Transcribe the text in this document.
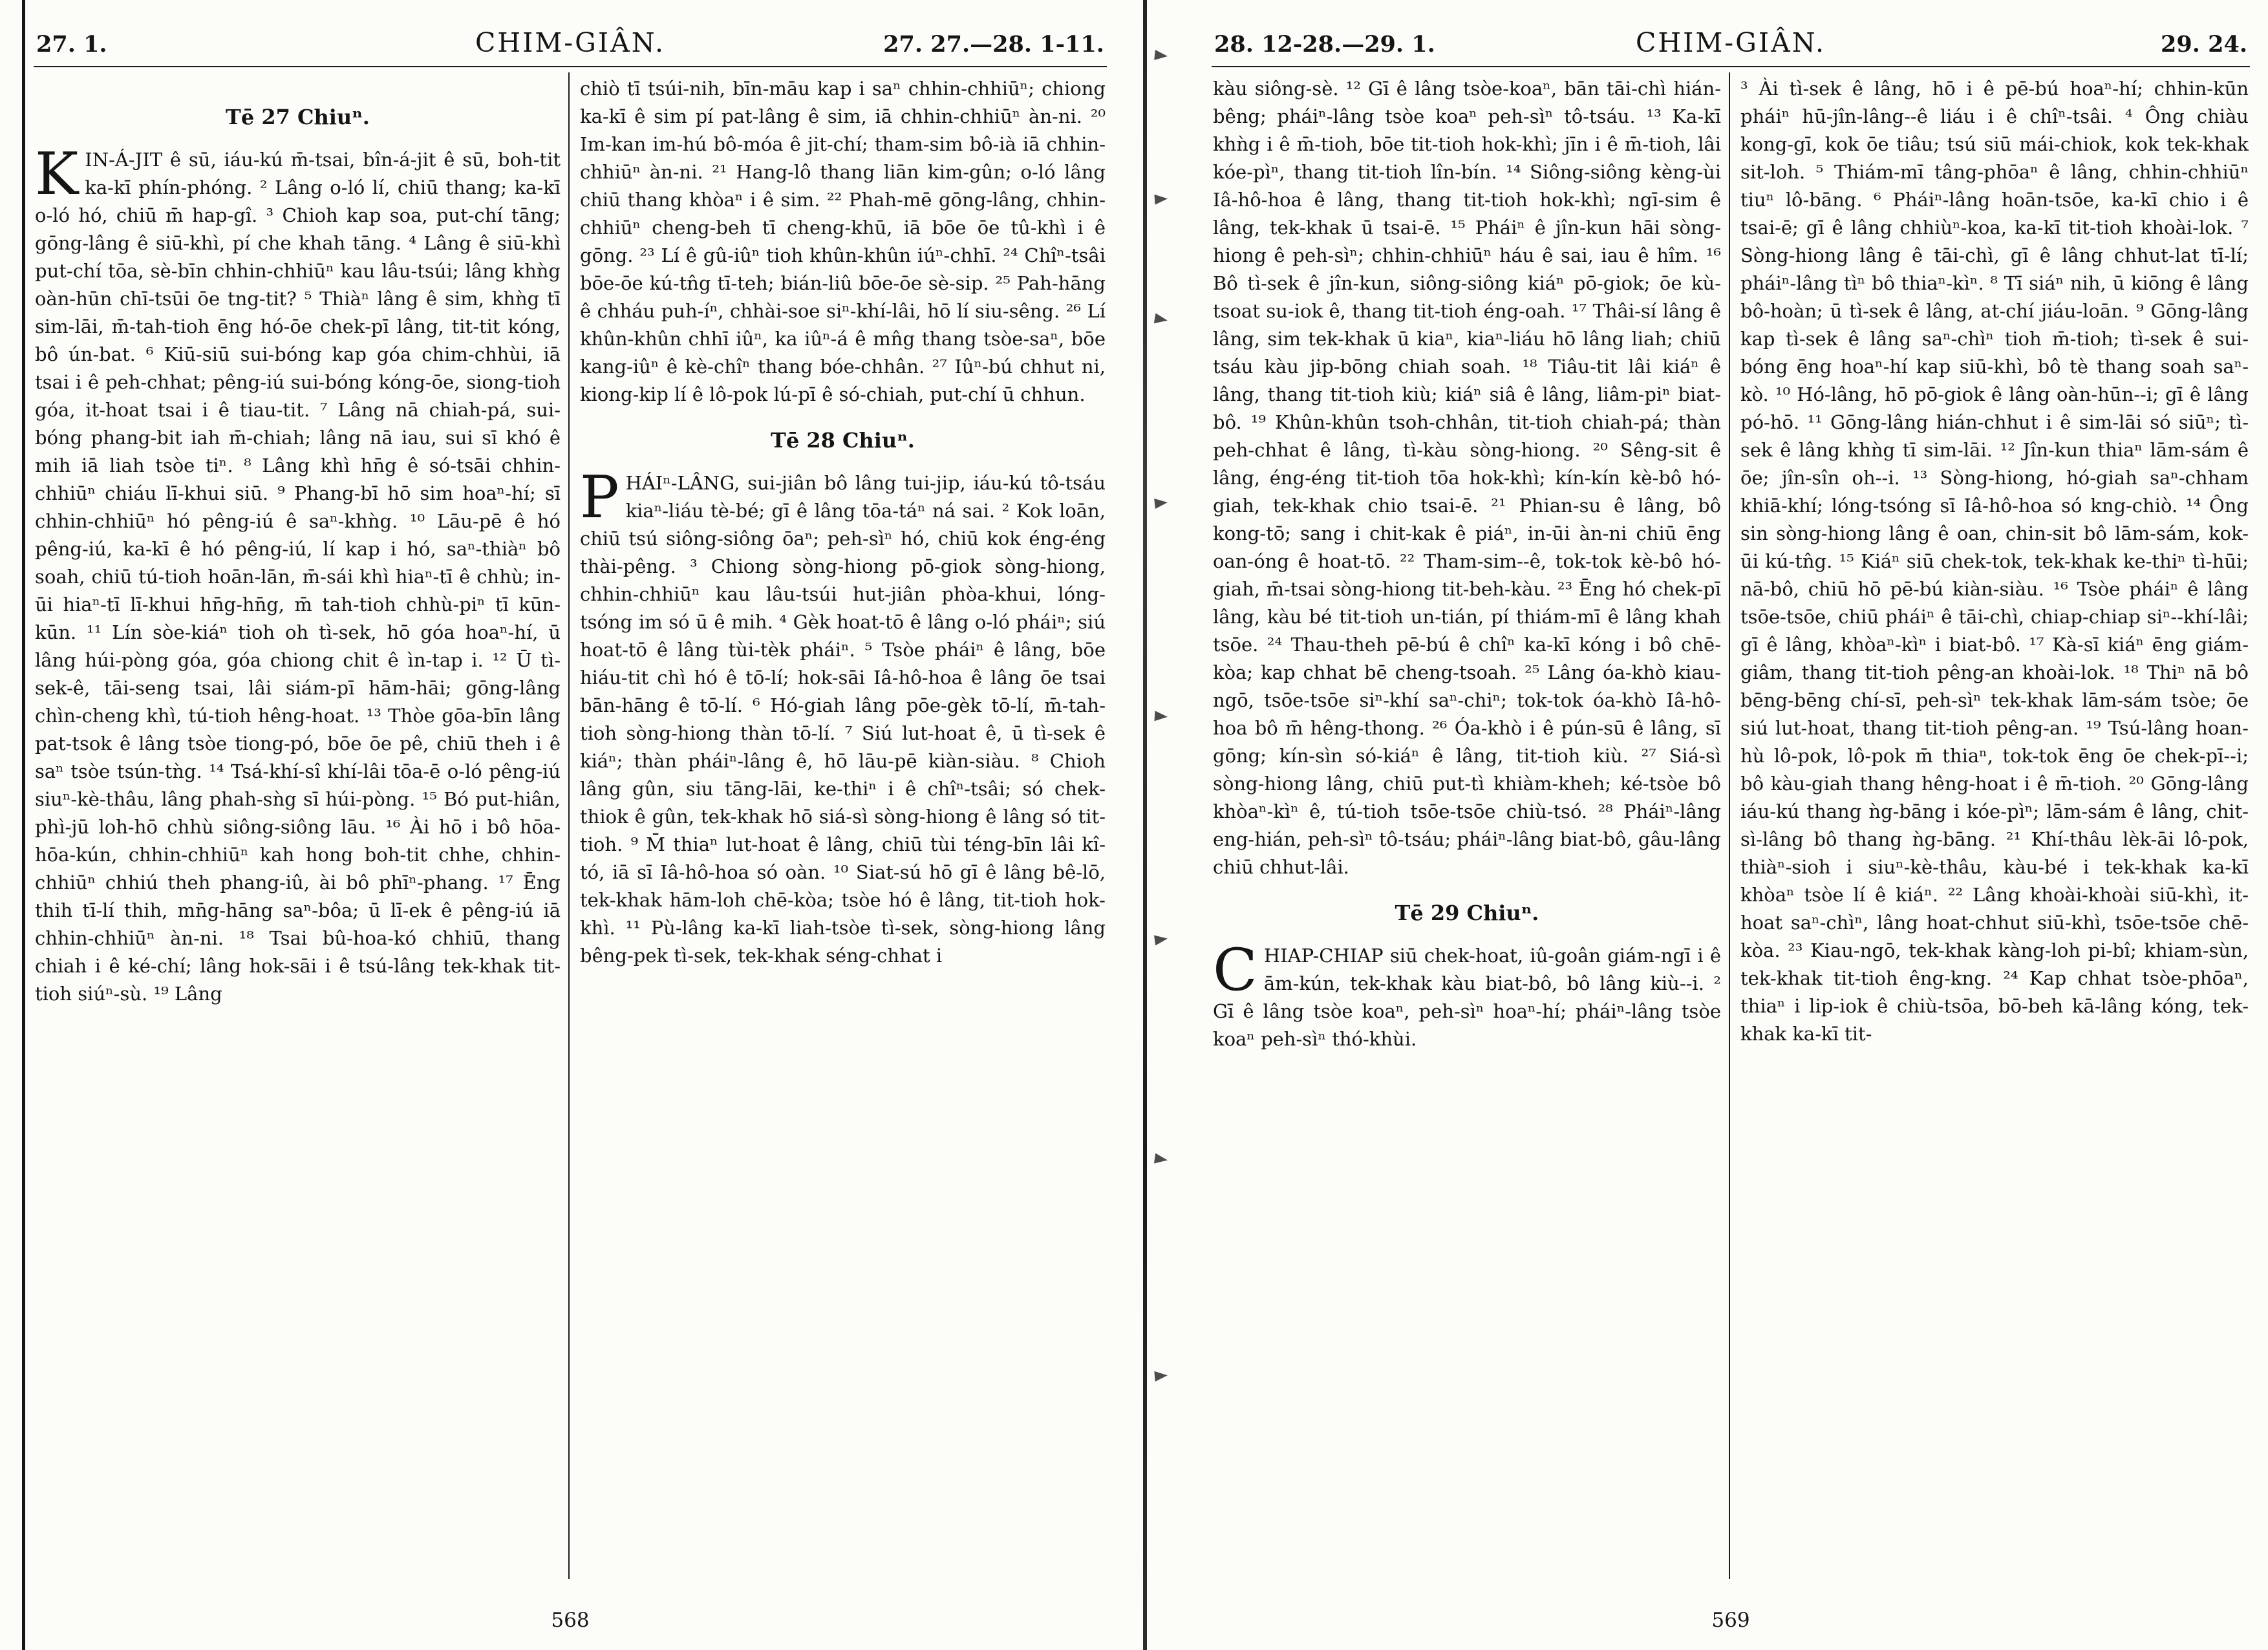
27. 1.	CHIM-GIÂN.	27. 27.—28. 1-11.
Tē 27 Chiuⁿ.

K IN-Á-JIT ê sū, iáu-kú m̄-tsai, bîn-á-jit ê sū, boh-tit ka-kī phín-phóng. ² Lâng o-ló lí, chiū thang; ka-kī o-ló hó, chiū m̄ hap-gî. ³ Chioh kap soa, put-chí tāng; gōng-lâng ê siū-khì, pí che khah tāng. ⁴ Lâng ê siū-khì put-chí tōa, sè-bīn chhin-chhiūⁿ kau lâu-tsúi; lâng khǹg oàn-hūn chī-tsūi ōe tng-tit? ⁵ Thiàⁿ lâng ê sim, khǹg tī sim-lāi, m̄-tah-tioh ēng hó-ōe chek-pī lâng, tit-tit kóng, bô ún-bat. ⁶ Kiū-siū sui-bóng kap góa chim-chhùi, iā tsai i ê peh-chhat; pêng-iú sui-bóng kóng-ōe, siong-tioh góa, it-hoat tsai i ê tiau-tit. ⁷ Lâng nā chiah-pá, sui-bóng phang-bit iah m̄-chiah; lâng nā iau, sui sī khó ê mih iā liah tsòe tiⁿ. ⁸ Lâng khì hn̄g ê só-tsāi chhin-chhiūⁿ chiáu lī-khui siū. ⁹ Phang-bī hō sim hoaⁿ-hí; sī chhin-chhiūⁿ hó pêng-iú ê saⁿ-khǹg. ¹⁰ Lāu-pē ê hó pêng-iú, ka-kī ê hó pêng-iú, lí kap i hó, saⁿ-thiàⁿ bô soah, chiū tú-tioh hoān-lān, m̄-sái khì hiaⁿ-tī ê chhù; in-ūi hiaⁿ-tī lī-khui hn̄g-hn̄g, m̄ tah-tioh chhù-piⁿ tī kūn-kūn. ¹¹ Lín sòe-kiáⁿ tioh oh tì-sek, hō góa hoaⁿ-hí, ū lâng húi-pòng góa, góa chiong chit ê ìn-tap i. ¹² Ū tì-sek-ê, tāi-seng tsai, lâi siám-pī hām-hāi; gōng-lâng chìn-cheng khì, tú-tioh hêng-hoat. ¹³ Thòe gōa-bīn lâng pat-tsok ê lâng tsòe tiong-pó, bōe ōe pê, chiū theh i ê saⁿ tsòe tsún-tǹg. ¹⁴ Tsá-khí-sî khí-lâi tōa-ē o-ló pêng-iú siuⁿ-kè-thâu, lâng phah-sǹg sī húi-pòng. ¹⁵ Bó put-hiân, phì-jū loh-hō chhù siông-siông lāu. ¹⁶ Ài hō i bô hōa-hōa-kún, chhin-chhiūⁿ kah hong boh-tit chhe, chhin-chhiūⁿ chhiú theh phang-iû, ài bô phīⁿ-phang. ¹⁷ Ēng thih tī-lí thih, mn̄g-hāng saⁿ-bôa; ū lī-ek ê pêng-iú iā chhin-chhiūⁿ àn-ni. ¹⁸ Tsai bû-hoa-kó chhiū, thang chiah i ê ké-chí; lâng hok-sāi i ê tsú-lâng tek-khak tit-tioh siúⁿ-sù. ¹⁹ Lâng

chiò tī tsúi-nih, bīn-māu kap i saⁿ chhin-chhiūⁿ; chiong ka-kī ê sim pí pat-lâng ê sim, iā chhin-chhiūⁿ àn-ni. ²⁰ Im-kan im-hú bô-móa ê jit-chí; tham-sim bô-ià iā chhin-chhiūⁿ àn-ni. ²¹ Hang-lô thang liān kim-gûn; o-ló lâng chiū thang khòaⁿ i ê sim. ²² Phah-mē gōng-lâng, chhin-chhiūⁿ cheng-beh tī cheng-khū, iā bōe ōe tû-khì i ê gōng. ²³ Lí ê gû-iûⁿ tioh khûn-khûn iúⁿ-chhī. ²⁴ Chîⁿ-tsâi bōe-ōe kú-tn̂g tī-teh; bián-liû bōe-ōe sè-sip. ²⁵ Pah-hāng ê chháu puh-íⁿ, chhài-soe siⁿ-khí-lâi, hō lí siu-sêng. ²⁶ Lí khûn-khûn chhī iûⁿ, ka iûⁿ-á ê mn̂g thang tsòe-saⁿ, bōe kang-iûⁿ ê kè-chîⁿ thang bóe-chhân. ²⁷ Iûⁿ-bú chhut ni, kiong-kip lí ê lô-pok lú-pī ê só-chiah, put-chí ū chhun.

Tē 28 Chiuⁿ.

P HÁIⁿ-LÂNG, sui-jiân bô lâng tui-jip, iáu-kú tô-tsáu kiaⁿ-liáu tè-bé; gī ê lâng tōa-táⁿ ná sai. ² Kok loān, chiū tsú siông-siông ōaⁿ; peh-sìⁿ hó, chiū kok éng-éng thài-pêng. ³ Chiong sòng-hiong pō-giok sòng-hiong, chhin-chhiūⁿ kau lâu-tsúi hut-jiân phòa-khui, lóng-tsóng im só ū ê mih. ⁴ Gèk hoat-tō ê lâng o-ló pháiⁿ; siú hoat-tō ê lâng tùi-tèk pháiⁿ. ⁵ Tsòe pháiⁿ ê lâng, bōe hiáu-tit chì hó ê tō-lí; hok-sāi Iâ-hô-hoa ê lâng ōe tsai bān-hāng ê tō-lí. ⁶ Hó-giah lâng pōe-gèk tō-lí, m̄-tah-tioh sòng-hiong thàn tō-lí. ⁷ Siú lut-hoat ê, ū tì-sek ê kiáⁿ; thàn pháiⁿ-lâng ê, hō lāu-pē kiàn-siàu. ⁸ Chioh lâng gûn, siu tāng-lāi, ke-thiⁿ i ê chîⁿ-tsâi; só chek-thiok ê gûn, tek-khak hō siá-sì sòng-hiong ê lâng só tit-tioh. ⁹ M̄ thiaⁿ lut-hoat ê lâng, chiū tùi téng-bīn lâi kî-tó, iā sī Iâ-hô-hoa só oàn. ¹⁰ Siat-sú hō gī ê lâng bê-lō, tek-khak hām-loh chē-kòa; tsòe hó ê lâng, tit-tioh hok-khì. ¹¹ Pù-lâng ka-kī liah-tsòe tì-sek, sòng-hiong lâng bêng-pek tì-sek, tek-khak séng-chhat i

568
28. 12-28.—29. 1.	CHIM-GIÂN.	29. 24.

kàu siông-sè. ¹² Gī ê lâng tsòe-koaⁿ, bān tāi-chì hián-bêng; pháiⁿ-lâng tsòe koaⁿ peh-sìⁿ tô-tsáu. ¹³ Ka-kī khǹg i ê m̄-tioh, bōe tit-tioh hok-khì; jīn i ê m̄-tioh, lâi kóe-pìⁿ, thang tit-tioh lîn-bín. ¹⁴ Siông-siông kèng-ùi Iâ-hô-hoa ê lâng, thang tit-tioh hok-khì; ngī-sim ê lâng, tek-khak ū tsai-ē. ¹⁵ Pháiⁿ ê jîn-kun hāi sòng-hiong ê peh-sìⁿ; chhin-chhiūⁿ háu ê sai, iau ê hîm. ¹⁶ Bô tì-sek ê jîn-kun, siông-siông kiáⁿ pō-giok; ōe kù-tsoat su-iok ê, thang tit-tioh éng-oah. ¹⁷ Thâi-sí lâng ê lâng, sim tek-khak ū kiaⁿ, kiaⁿ-liáu hō lâng liah; chiū tsáu kàu jip-bōng chiah soah. ¹⁸ Tiâu-tit lâi kiáⁿ ê lâng, thang tit-tioh kiù; kiáⁿ siâ ê lâng, liâm-piⁿ biat-bô. ¹⁹ Khûn-khûn tsoh-chhân, tit-tioh chiah-pá; thàn peh-chhat ê lâng, tì-kàu sòng-hiong. ²⁰ Sêng-sit ê lâng, éng-éng tit-tioh tōa hok-khì; kín-kín kè-bô hó-giah, tek-khak chio tsai-ē. ²¹ Phian-su ê lâng, bô kong-tō; sang i chit-kak ê piáⁿ, in-ūi àn-ni chiū ēng oan-óng ê hoat-tō. ²² Tham-sim--ê, tok-tok kè-bô hó-giah, m̄-tsai sòng-hiong tit-beh-kàu. ²³ Ēng hó chek-pī lâng, kàu bé tit-tioh un-tián, pí thiám-mī ê lâng khah tsōe. ²⁴ Thau-theh pē-bú ê chîⁿ ka-kī kóng i bô chē-kòa; kap chhat bē cheng-tsoah. ²⁵ Lâng óa-khò kiau-ngō, tsōe-tsōe siⁿ-khí saⁿ-chiⁿ; tok-tok óa-khò Iâ-hô-hoa bô m̄ hêng-thong. ²⁶ Óa-khò i ê pún-sū ê lâng, sī gōng; kín-sìn só-kiáⁿ ê lâng, tit-tioh kiù. ²⁷ Siá-sì sòng-hiong lâng, chiū put-tì khiàm-kheh; ké-tsòe bô khòaⁿ-kìⁿ ê, tú-tioh tsōe-tsōe chiù-tsó. ²⁸ Pháiⁿ-lâng eng-hián, peh-sìⁿ tô-tsáu; pháiⁿ-lâng biat-bô, gâu-lâng chiū chhut-lâi.

Tē 29 Chiuⁿ.

C HIAP-CHIAP siū chek-hoat, iû-goân giám-ngī i ê ām-kún, tek-khak kàu biat-bô, bô lâng kiù--i. ² Gī ê lâng tsòe koaⁿ, peh-sìⁿ hoaⁿ-hí; pháiⁿ-lâng tsòe koaⁿ peh-sìⁿ thó-khùi.

³ Ài tì-sek ê lâng, hō i ê pē-bú hoaⁿ-hí; chhin-kūn pháiⁿ hū-jîn-lâng--ê liáu i ê chîⁿ-tsâi. ⁴ Ông chiàu kong-gī, kok ōe tiâu; tsú siū mái-chiok, kok tek-khak sit-loh. ⁵ Thiám-mī tâng-phōaⁿ ê lâng, chhin-chhiūⁿ tiuⁿ lô-bāng. ⁶ Pháiⁿ-lâng hoān-tsōe, ka-kī chio i ê tsai-ē; gī ê lâng chhiùⁿ-koa, ka-kī tit-tioh khoài-lok. ⁷ Sòng-hiong lâng ê tāi-chì, gī ê lâng chhut-lat tī-lí; pháiⁿ-lâng tìⁿ bô thiaⁿ-kìⁿ. ⁸ Tī siáⁿ nih, ū kiōng ê lâng bô-hoàn; ū tì-sek ê lâng, at-chí jiáu-loān. ⁹ Gōng-lâng kap tì-sek ê lâng saⁿ-chìⁿ tioh m̄-tioh; tì-sek ê sui-bóng ēng hoaⁿ-hí kap siū-khì, bô tè thang soah saⁿ-kò. ¹⁰ Hó-lâng, hō pō-giok ê lâng oàn-hūn--i; gī ê lâng pó-hō. ¹¹ Gōng-lâng hián-chhut i ê sim-lāi só siūⁿ; tì-sek ê lâng khǹg tī sim-lāi. ¹² Jîn-kun thiaⁿ lām-sám ê ōe; jîn-sîn oh--i. ¹³ Sòng-hiong, hó-giah saⁿ-chham khiā-khí; lóng-tsóng sī Iâ-hô-hoa só kng-chiò. ¹⁴ Ông sin sòng-hiong lâng ê oan, chin-sit bô lām-sám, kok-ūi kú-tn̂g. ¹⁵ Kiáⁿ siū chek-tok, tek-khak ke-thiⁿ tì-hūi; nā-bô, chiū hō pē-bú kiàn-siàu. ¹⁶ Tsòe pháiⁿ ê lâng tsōe-tsōe, chiū pháiⁿ ê tāi-chì, chiap-chiap siⁿ--khí-lâi; gī ê lâng, khòaⁿ-kìⁿ i biat-bô. ¹⁷ Kà-sī kiáⁿ ēng giám-giâm, thang tit-tioh pêng-an khoài-lok. ¹⁸ Thiⁿ nā bô bēng-bēng chí-sī, peh-sìⁿ tek-khak lām-sám tsòe; ōe siú lut-hoat, thang tit-tioh pêng-an. ¹⁹ Tsú-lâng hoan-hù lô-pok, lô-pok m̄ thiaⁿ, tok-tok ēng ōe chek-pī--i; bô kàu-giah thang hêng-hoat i ê m̄-tioh. ²⁰ Gōng-lâng iáu-kú thang ǹg-bāng i kóe-pìⁿ; lām-sám ê lâng, chit-sì-lâng bô thang ǹg-bāng. ²¹ Khí-thâu lèk-āi lô-pok, thiàⁿ-sioh i siuⁿ-kè-thâu, kàu-bé i tek-khak ka-kī khòaⁿ tsòe lí ê kiáⁿ. ²² Lâng khoài-khoài siū-khì, it-hoat saⁿ-chìⁿ, lâng hoat-chhut siū-khì, tsōe-tsōe chē-kòa. ²³ Kiau-ngō, tek-khak kàng-loh pi-bî; khiam-sùn, tek-khak tit-tioh êng-kng. ²⁴ Kap chhat tsòe-phōaⁿ, thiaⁿ i lip-iok ê chiù-tsōa, bō-beh kā-lâng kóng, tek-khak ka-kī tit-

569
